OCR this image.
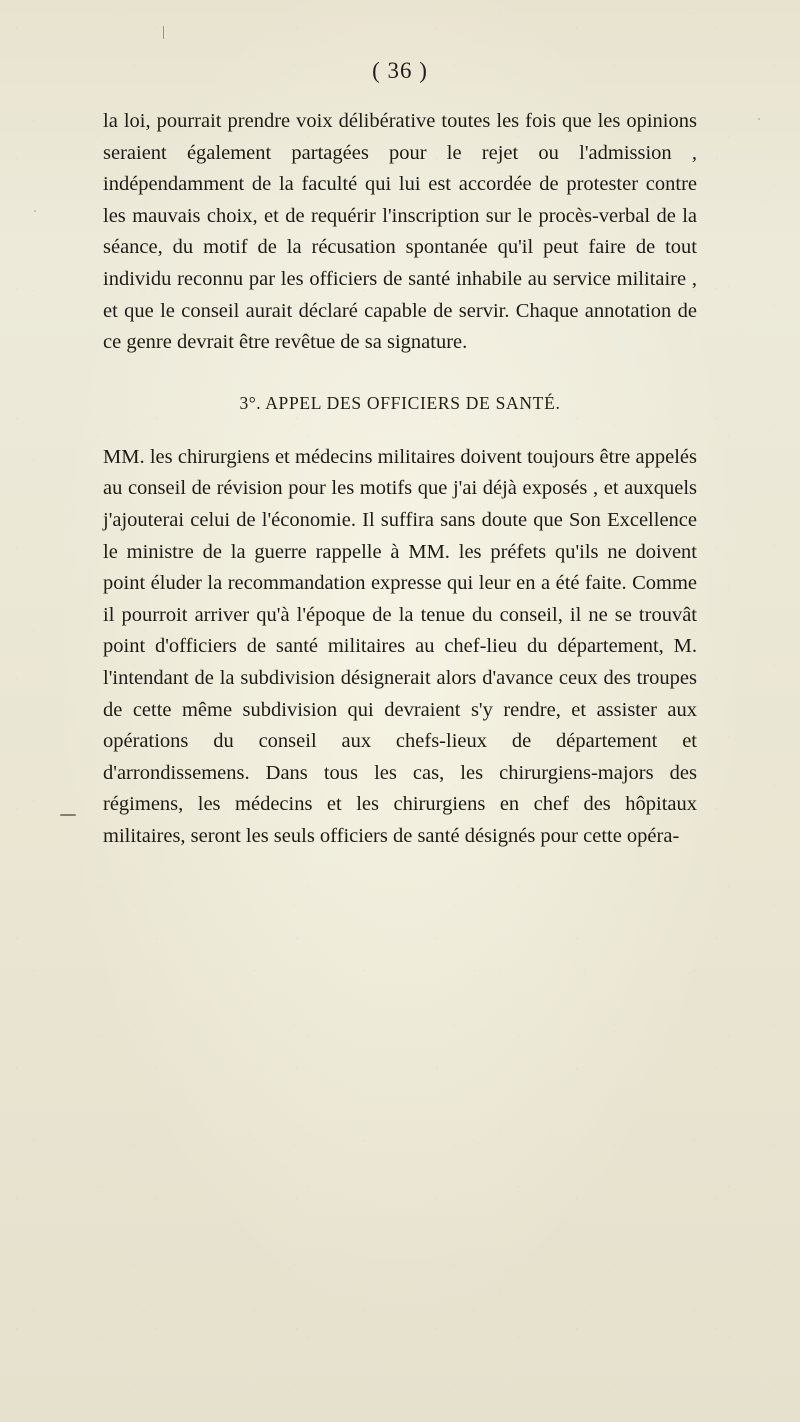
( 36 )

la loi, pourrait prendre voix délibérative toutes les fois que les opinions seraient également partagées pour le rejet ou l'admission , indépendamment de la faculté qui lui est accordée de protester contre les mauvais choix, et de requérir l'inscription sur le procès-verbal de la séance, du motif de la récusation spontanée qu'il peut faire de tout individu reconnu par les officiers de santé inhabile au service militaire , et que le conseil aurait déclaré capable de servir. Chaque annotation de ce genre devrait être revêtue de sa signature.

3°. APPEL DES OFFICIERS DE SANTÉ.

MM. les chirurgiens et médecins militaires doivent toujours être appelés au conseil de révision pour les motifs que j'ai déjà exposés , et auxquels j'ajouterai celui de l'économie. Il suffira sans doute que Son Excellence le ministre de la guerre rappelle à MM. les préfets qu'ils ne doivent point éluder la recommandation expresse qui leur en a été faite. Comme il pourroit arriver qu'à l'époque de la tenue du conseil, il ne se trouvât point d'officiers de santé militaires au chef-lieu du département, M. l'intendant de la subdivision désignerait alors d'avance ceux des troupes de cette même subdivision qui devraient s'y rendre, et assister aux opérations du conseil aux chefs-lieux de département et d'arrondissemens. Dans tous les cas, les chirurgiens-majors des régimens, les médecins et les chirurgiens en chef des hôpitaux militaires, seront les seuls officiers de santé désignés pour cette opéra-
